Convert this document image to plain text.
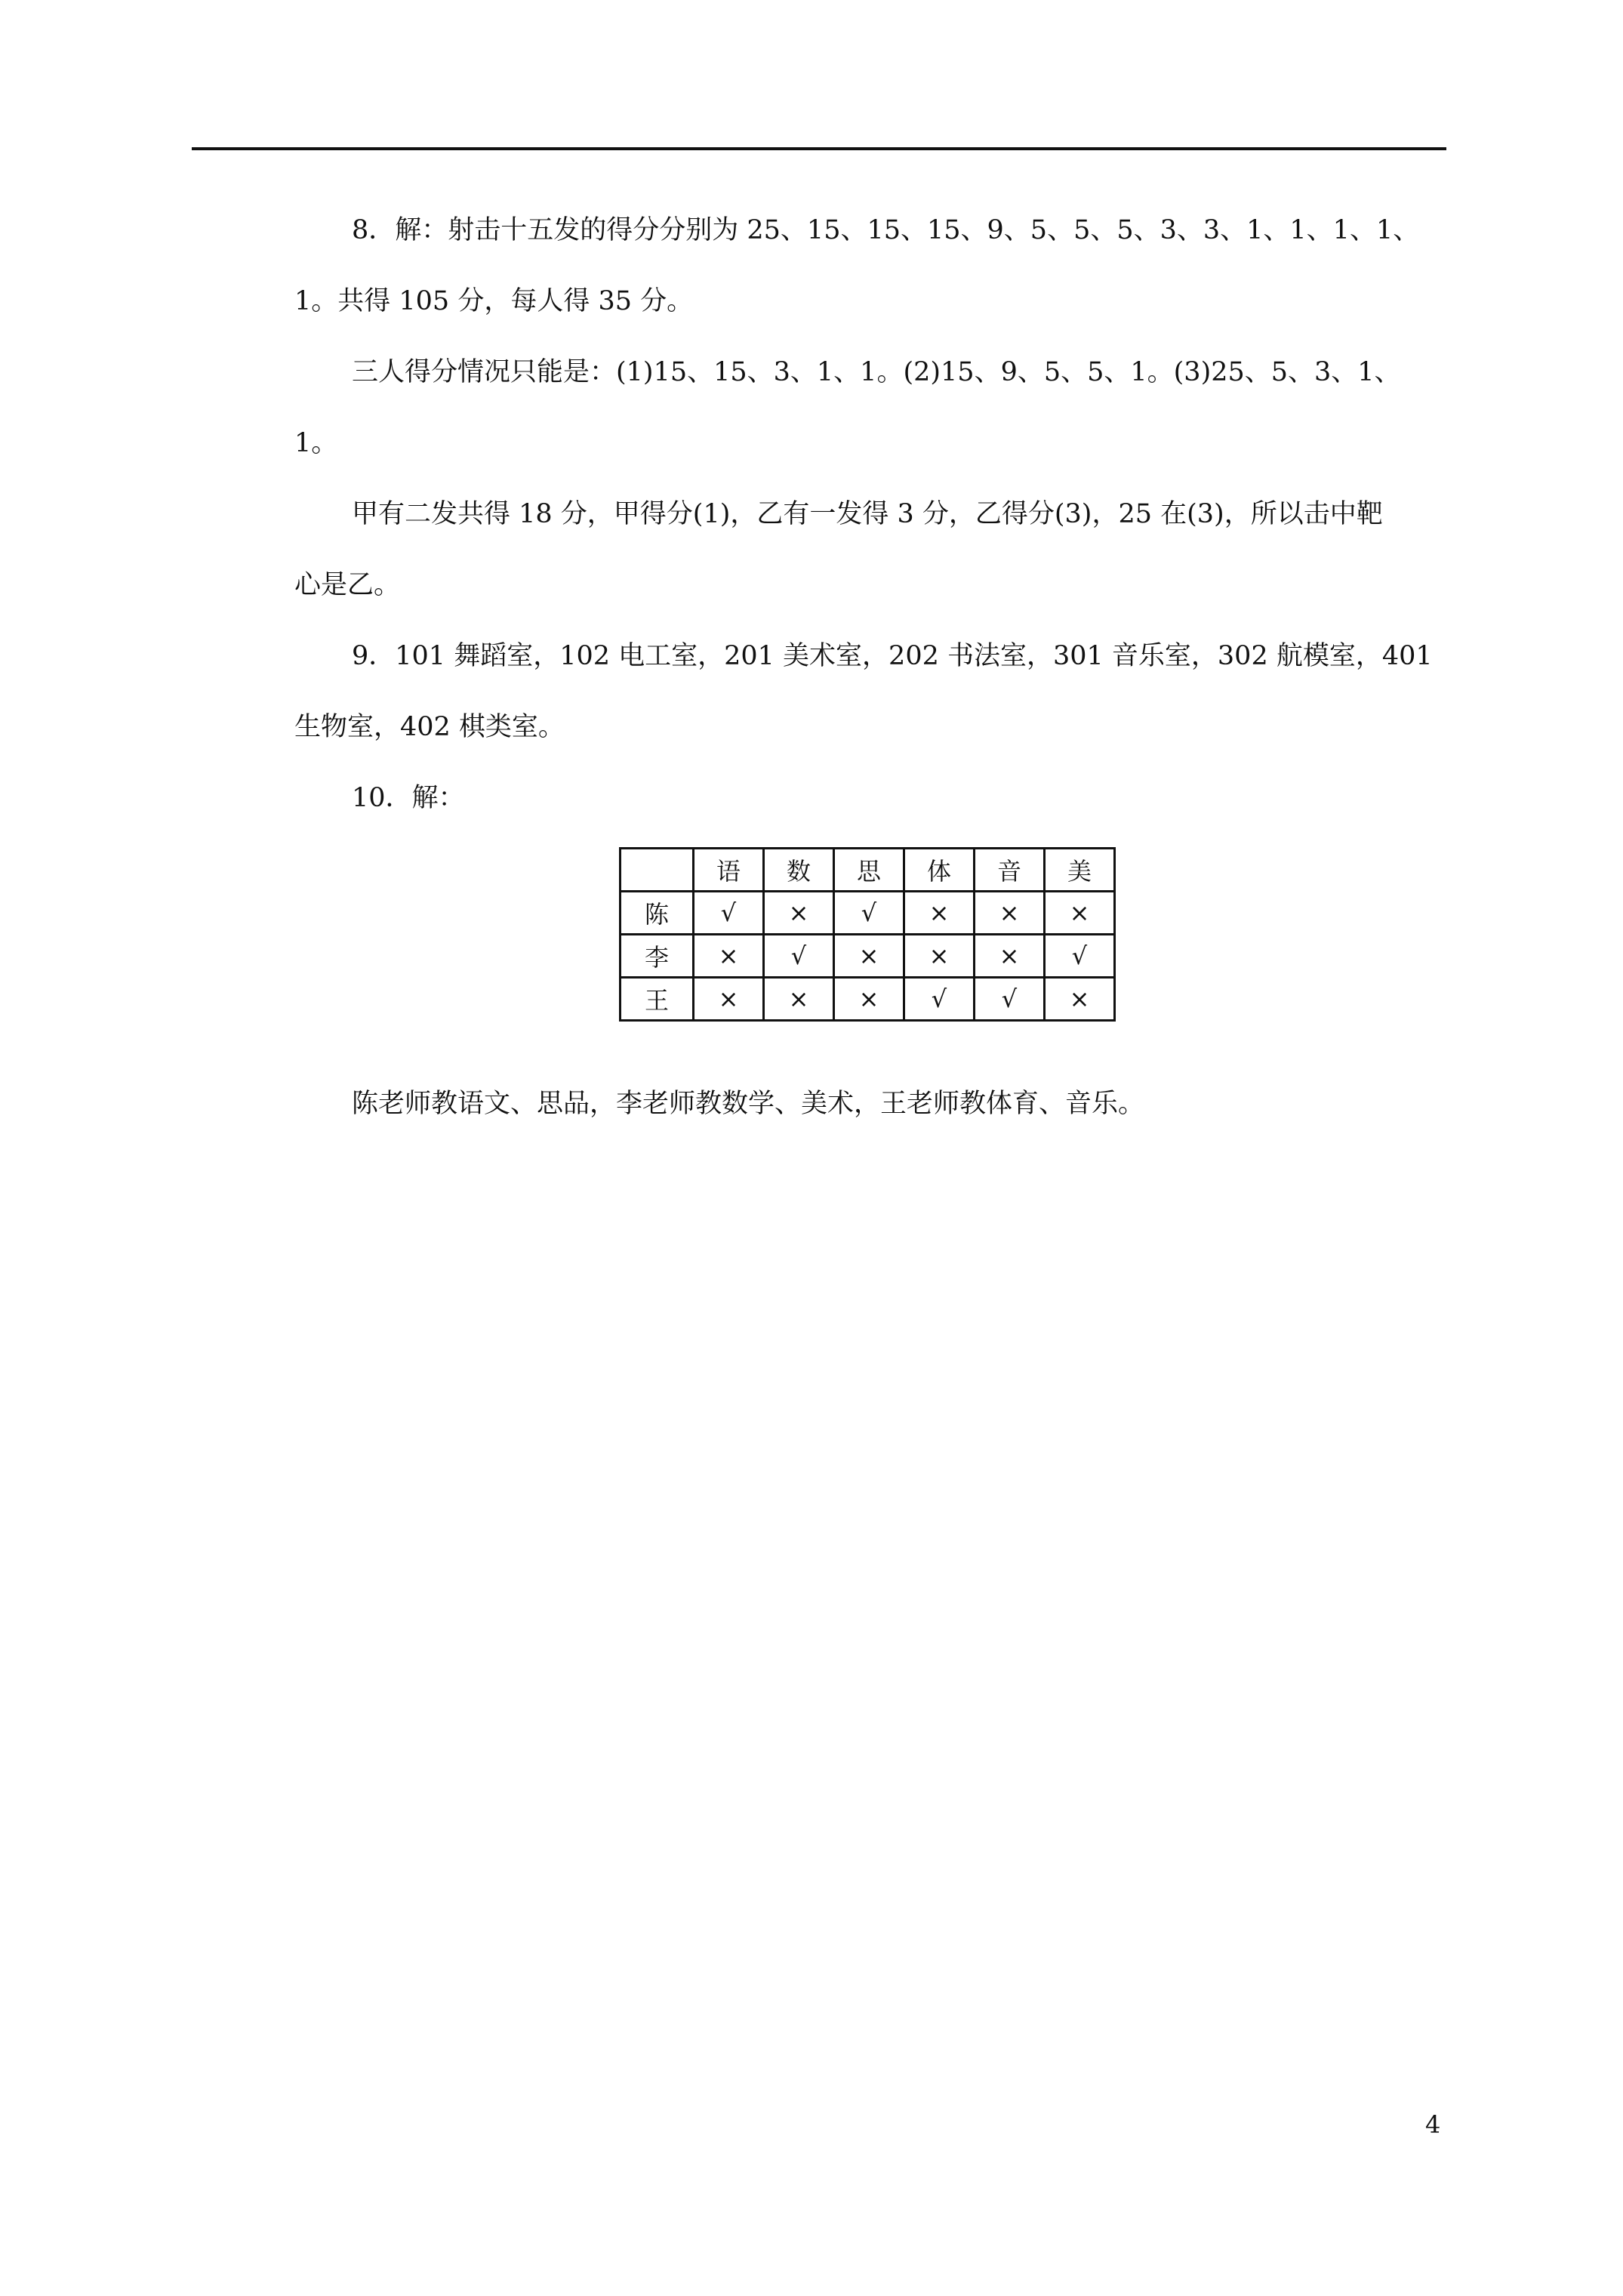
8．解：射击十五发的得分分别为 25、15、15、15、9、5、5、5、3、3、1、1、1、1、

1。共得 105 分，每人得 35 分。

三人得分情况只能是：(1)15、15、3、1、1。(2)15、9、5、5、1。(3)25、5、3、1、

1。

甲有二发共得 18 分，甲得分(1)，乙有一发得 3 分，乙得分(3)，25 在(3)，所以击中靶

心是乙。

9．101 舞蹈室，102 电工室，201 美术室，202 书法室，301 音乐室，302 航模室，401

生物室，402 棋类室。

10．解：

	语	数	思	体	音	美
陈	√	×	√	×	×	×
李	×	√	×	×	×	√
王	×	×	×	√	√	×

陈老师教语文、思品，李老师教数学、美术，王老师教体育、音乐。

4
